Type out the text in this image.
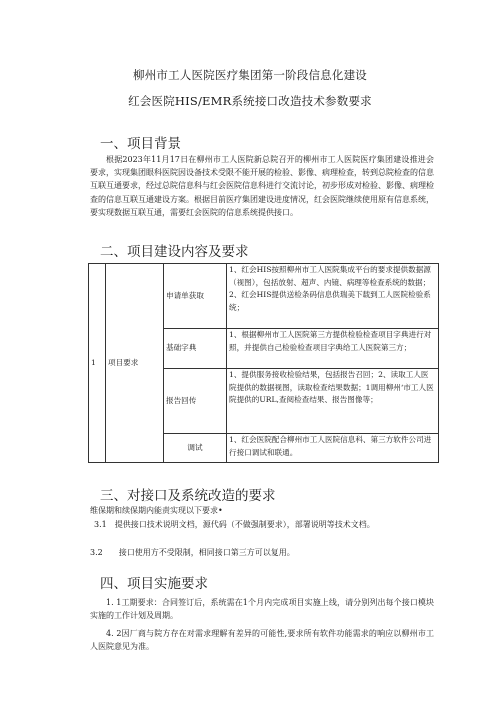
柳州市工人医院医疗集团第一阶段信息化建设
红会医院HIS/EMR系统接口改造技术参数要求
一、项目背景
根据2023年11月17日在柳州市工人医院新总院召开的柳州市工人医院医疗集团建设推进会要求，实现集团眼科医院因设备技术受限不能开展的检验、影像、病理检查，转到总院检查的信息互联互通要求，经过总院信息科与红会医院信息科进行交流讨论，初步形成对检验、影像、病理检查的信息互联互通建设方案。根据目前医疗集团建设进度情况，红会医院继续使用原有信息系统，要实现数据互联互通，需要红会医院的信息系统提供接口。
二、项目建设内容及要求
1	项目要求	申请单获取	1、红会HIS按照柳州市工人医院集成平台的要求提供数据源（视图），包括放射、超声、内镜、病理等检查系统的数据；2、红会HIS提供送检条码信息供瑞美下载到工人医院检验系统；
		基础字典	1、根据柳州市工人医院第三方提供检验检查项目字典进行对照，并提供自己检验检查项目字典给工人医院第三方；
		报告回传	1、提供服务接收检验结果，包括报告召回；2、读取工人医院提供的数据视图，读取检查结果数据；1调用柳州‘市工人医院提供的URL,查阅检查结果、报告图像等；
		调试	1、红会医院配合柳州市工人医院信息科、第三方软件公司进行接口调试和联通。
三、对接口及系统改造的要求
维保期和续保期内能责实现以下要求•
3.1　提供接口技术说明文档，源代码（不做强制要求），部署说明等技术文档。
3.2　　接口使用方不受限制，相同接口第三方可以复用。
四、项目实施要求
1. 1工期要求：合同签订后，系统需在1个月内完成项目实施上线，请分别列出每个接口模块实施的工作计划及周期。
4. 2因厂商与院方存在对需求理解有差异的可能性,要求所有软件功能需求的响应以柳州市工人医院意见为准。
